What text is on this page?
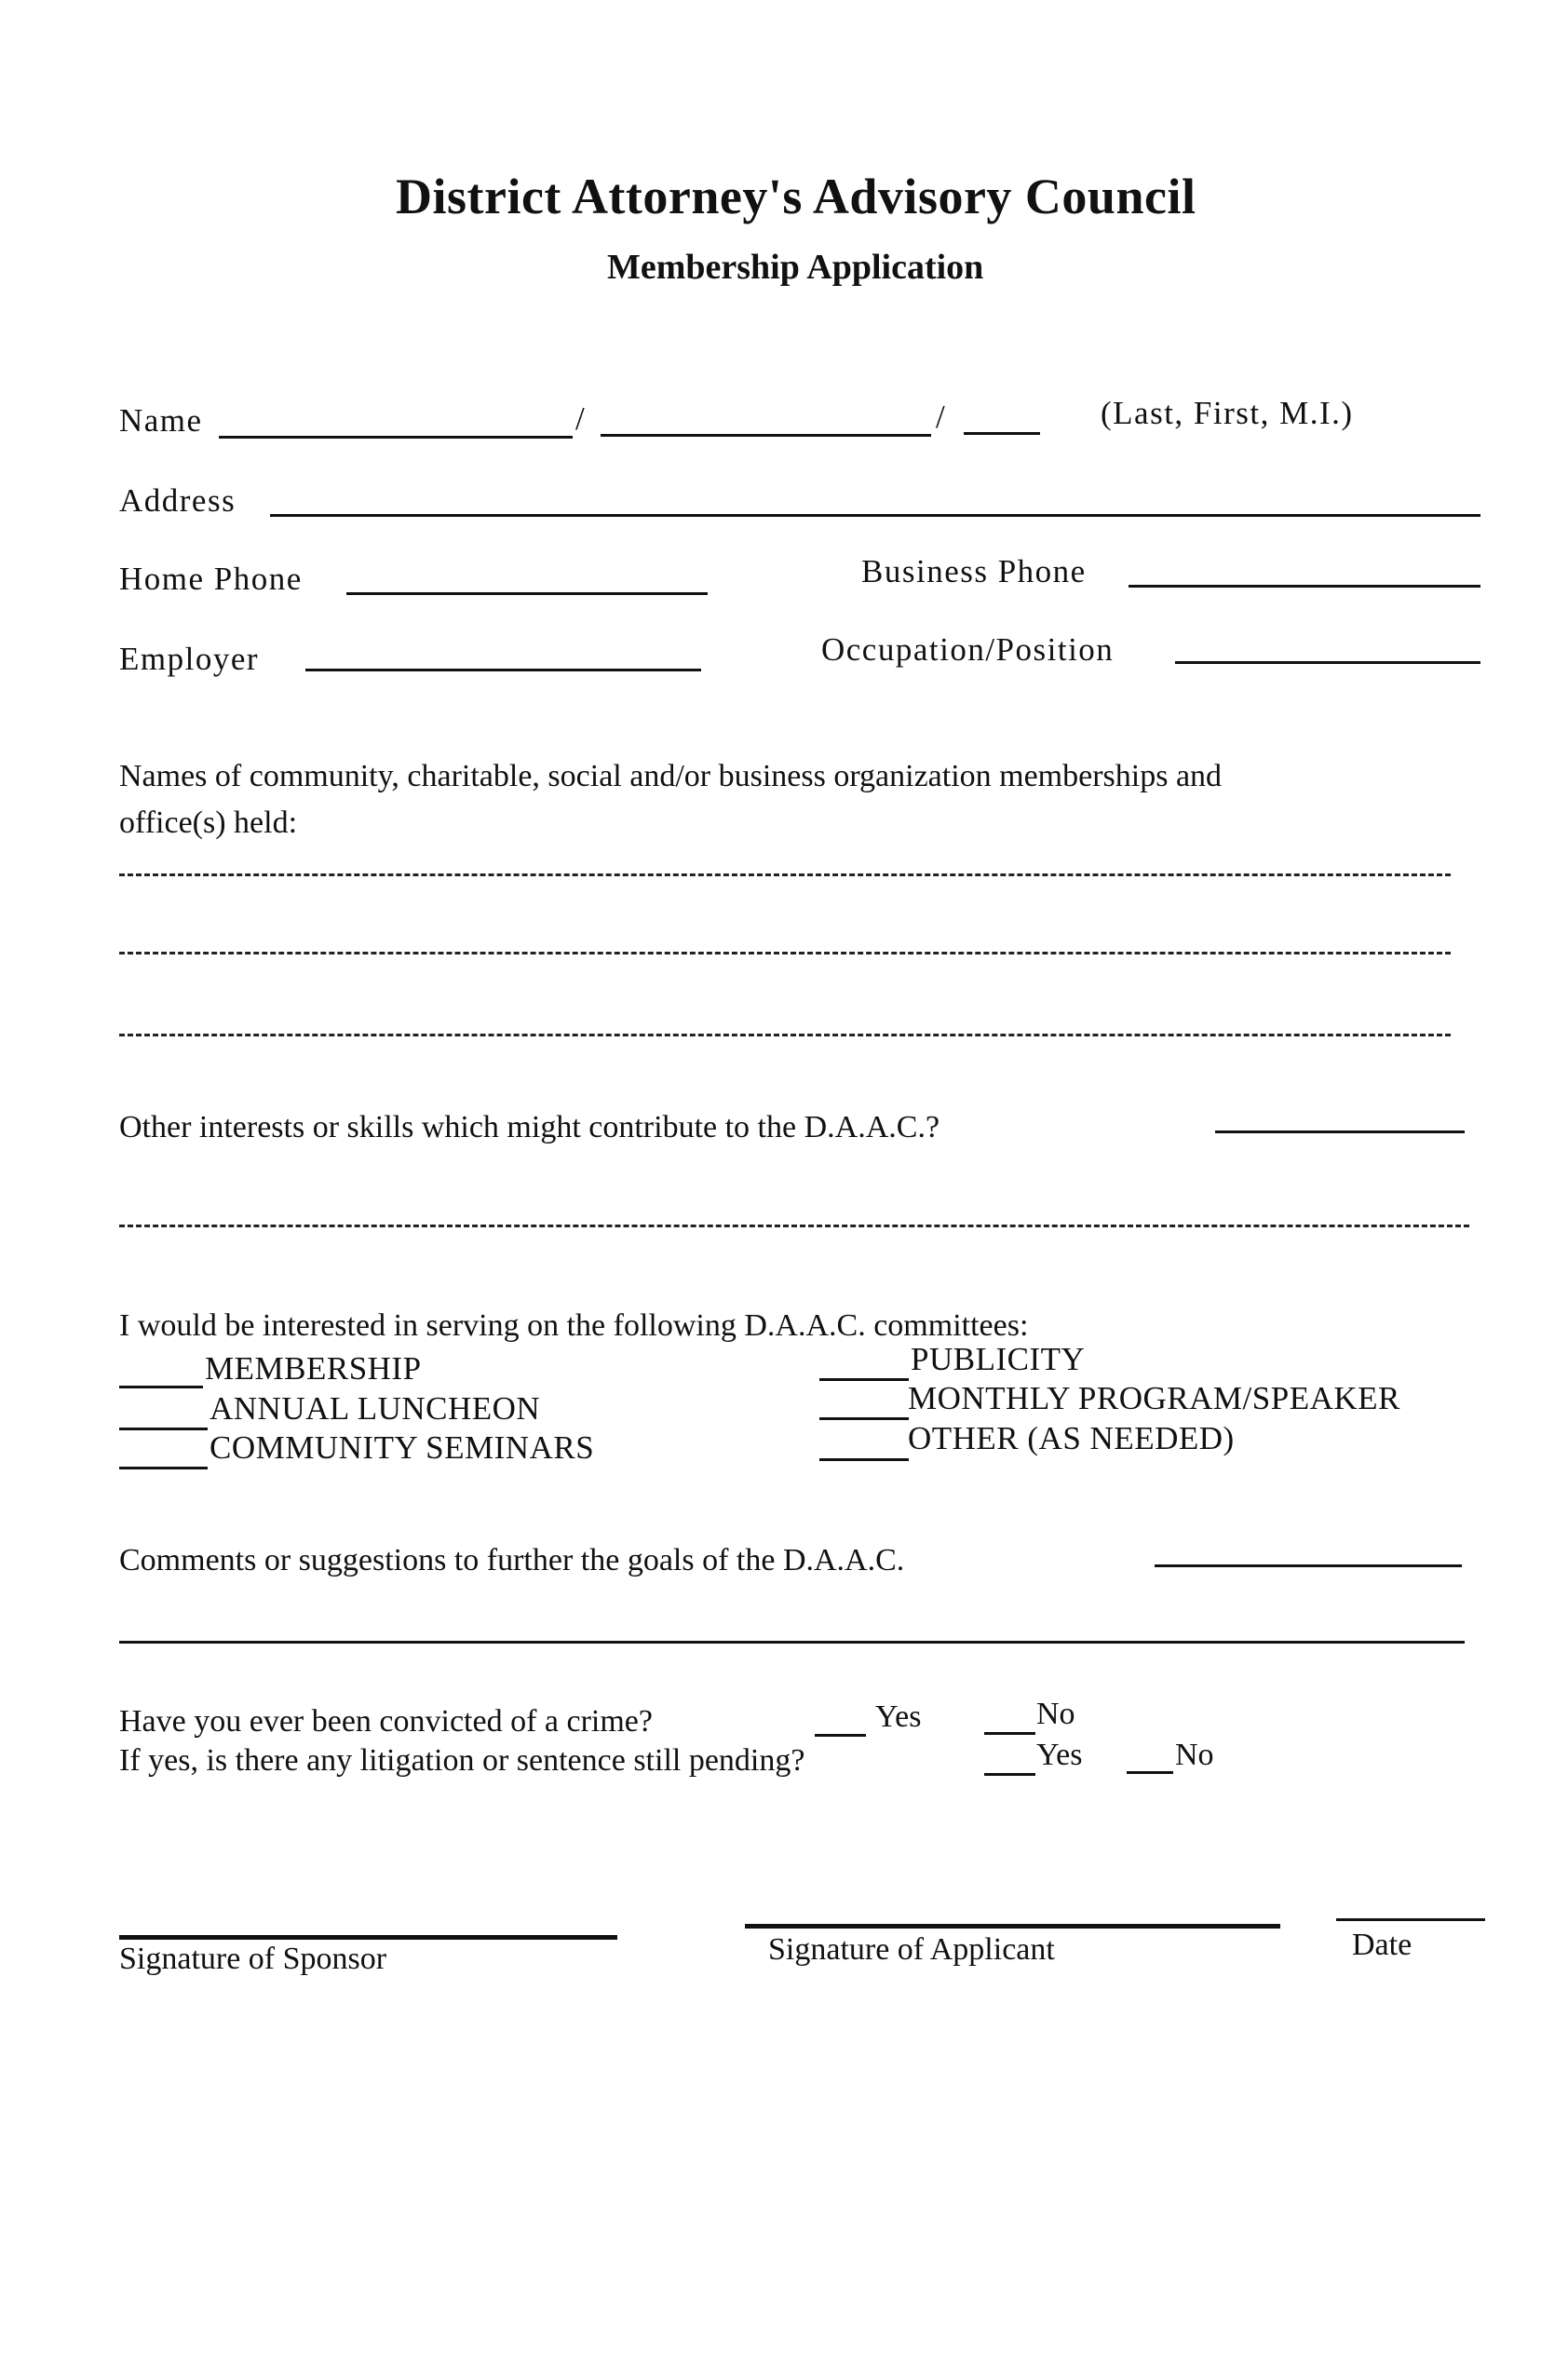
District Attorney's Advisory Council
Membership Application
Name	/	/	(Last, First, M.I.)
Address
Home Phone	Business Phone
Employer	Occupation/Position
Names of community, charitable, social and/or business organization memberships and
office(s) held:
Other interests or skills which might contribute to the D.A.A.C.?
I would be interested in serving on the following D.A.A.C. committees:
MEMBERSHIP
ANNUAL LUNCHEON
COMMUNITY SEMINARS
PUBLICITY
MONTHLY PROGRAM/SPEAKER
OTHER (AS NEEDED)
Comments or suggestions to further the goals of the D.A.A.C.
Have you ever been convicted of a crime?	Yes	No
If yes, is there any litigation or sentence still pending?	Yes	No
Signature of Sponsor	Signature of Applicant	Date
